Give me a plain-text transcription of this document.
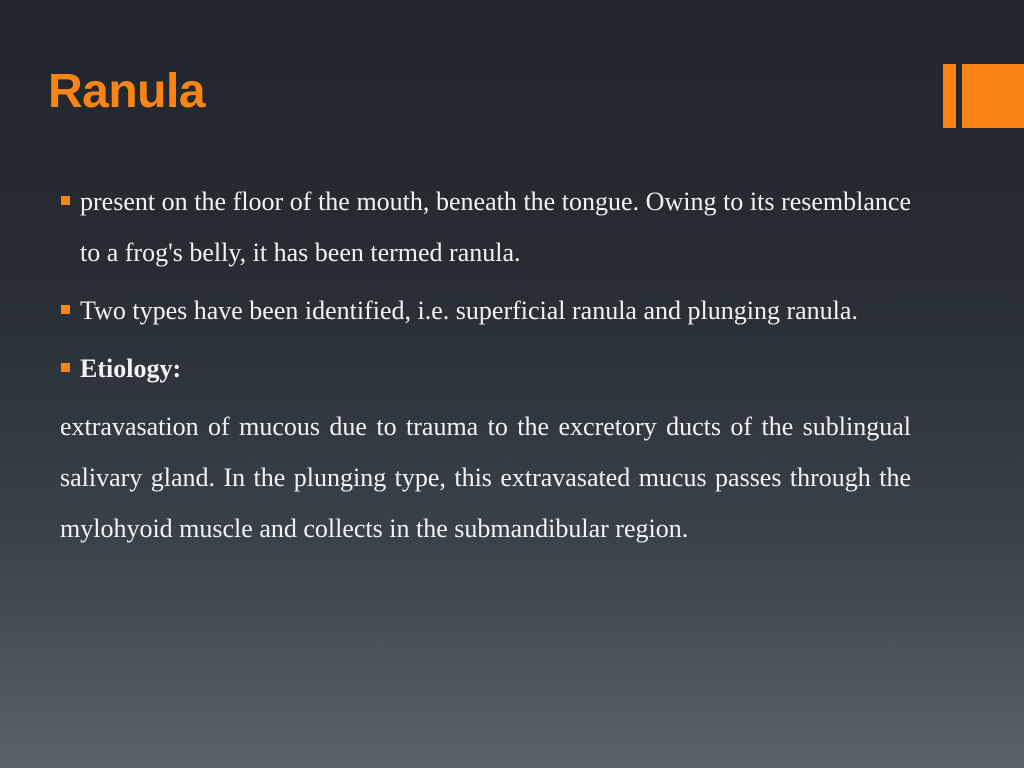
Ranula
present on the floor of the mouth, beneath the tongue. Owing to its resemblance to a frog's belly, it has been termed ranula.
Two types have been identified, i.e. superficial ranula and plunging ranula.
Etiology:
extravasation of mucous due to trauma to the excretory ducts of the sublingual salivary gland. In the plunging type, this extravasated mucus passes through the mylohyoid muscle and collects in the submandibular region.
